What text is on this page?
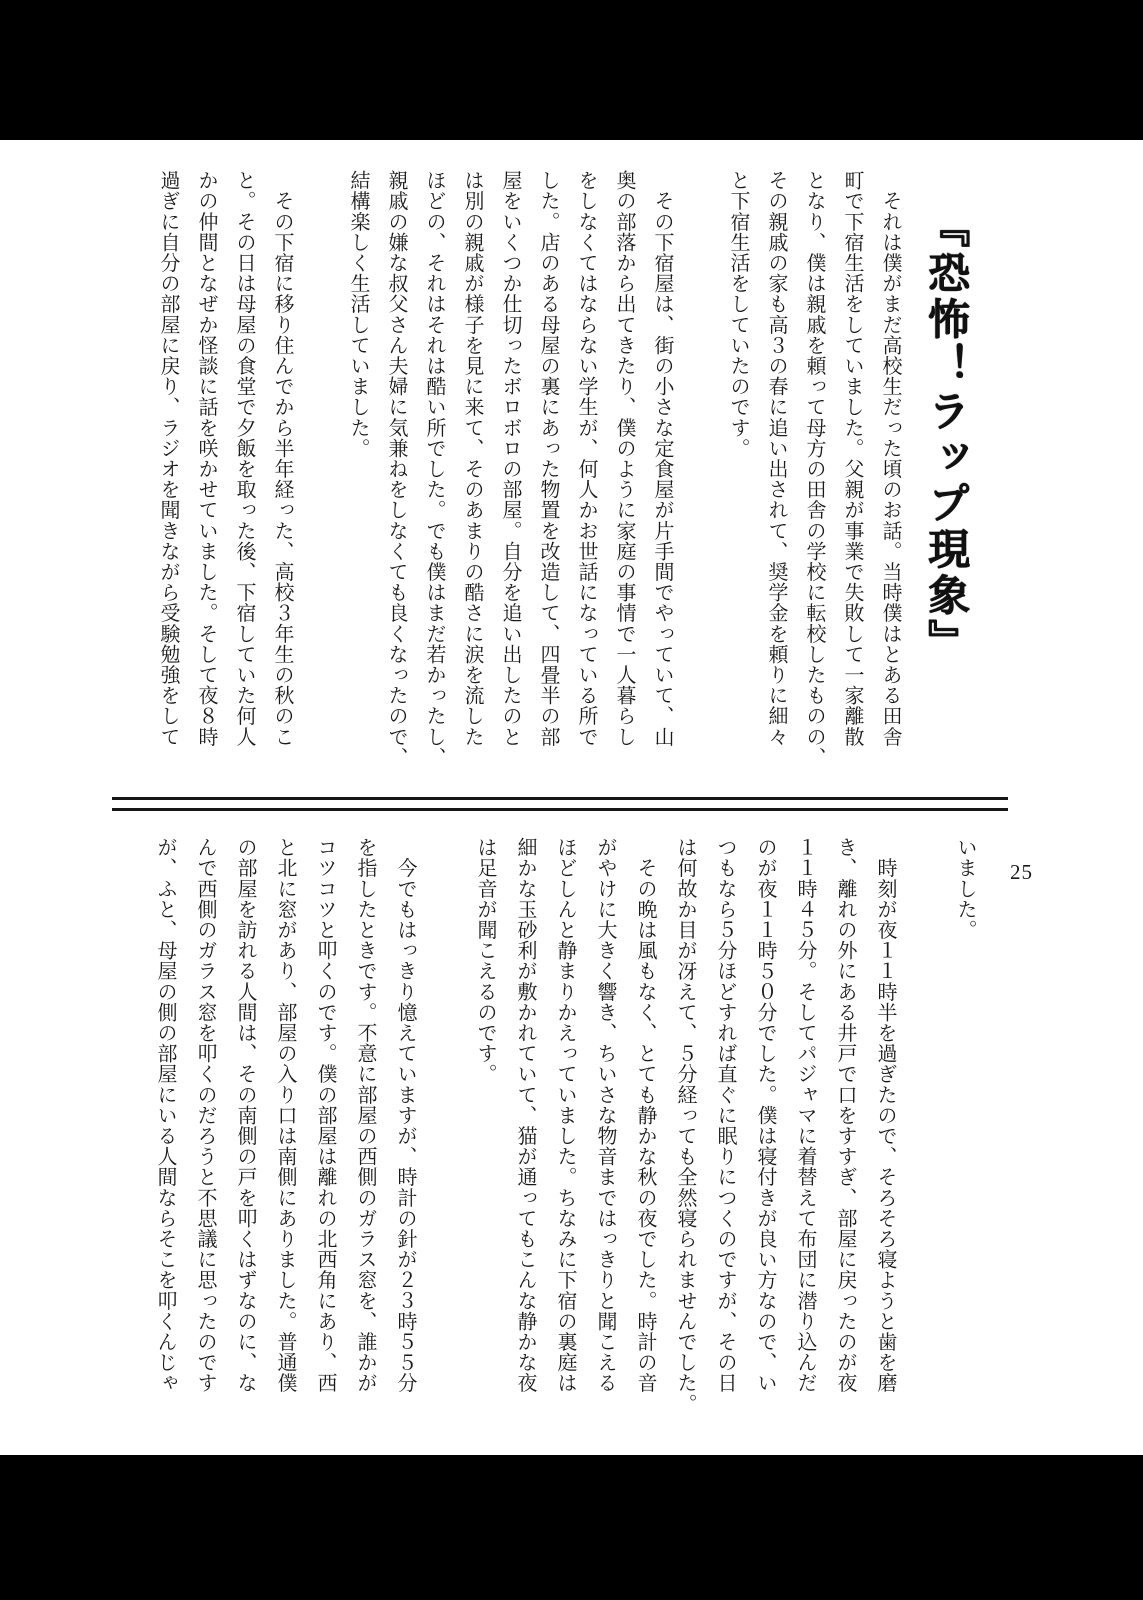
『恐怖！ラップ現象』
　それは僕がまだ高校生だった頃のお話。当時僕はとある田舎
町で下宿生活をしていました。父親が事業で失敗して一家離散
となり、僕は親戚を頼って母方の田舎の学校に転校したものの、
その親戚の家も高３の春に追い出されて、奨学金を頼りに細々
と下宿生活をしていたのです。
　その下宿屋は、街の小さな定食屋が片手間でやっていて、山
奥の部落から出てきたり、僕のように家庭の事情で一人暮らし
をしなくてはならない学生が、何人かお世話になっている所で
した。店のある母屋の裏にあった物置を改造して、四畳半の部
屋をいくつか仕切ったボロボロの部屋。自分を追い出したのと
は別の親戚が様子を見に来て、そのあまりの酷さに涙を流した
ほどの、それはそれは酷い所でした。でも僕はまだ若かったし、
親戚の嫌な叔父さん夫婦に気兼ねをしなくても良くなったので、
結構楽しく生活していました。
　その下宿に移り住んでから半年経った、高校３年生の秋のこ
と。その日は母屋の食堂で夕飯を取った後、下宿していた何人
かの仲間となぜか怪談に話を咲かせていました。そして夜８時
過ぎに自分の部屋に戻り、ラジオを聞きながら受験勉強をして
25
いました。
　時刻が夜１１時半を過ぎたので、そろそろ寝ようと歯を磨
き、離れの外にある井戸で口をすすぎ、部屋に戻ったのが夜
１１時４５分。そしてパジャマに着替えて布団に潜り込んだ
のが夜１１時５０分でした。僕は寝付きが良い方なので、い
つもなら５分ほどすれば直ぐに眠りにつくのですが、その日
は何故か目が冴えて、５分経っても全然寝られませんでした。
　その晩は風もなく、とても静かな秋の夜でした。時計の音
がやけに大きく響き、ちいさな物音まではっきりと聞こえる
ほどしんと静まりかえっていました。ちなみに下宿の裏庭は
細かな玉砂利が敷かれていて、猫が通ってもこんな静かな夜
は足音が聞こえるのです。
　今でもはっきり憶えていますが、時計の針が２３時５５分
を指したときです。不意に部屋の西側のガラス窓を、誰かが
コツコツと叩くのです。僕の部屋は離れの北西角にあり、西
と北に窓があり、部屋の入り口は南側にありました。普通僕
の部屋を訪れる人間は、その南側の戸を叩くはずなのに、な
んで西側のガラス窓を叩くのだろうと不思議に思ったのです
が、ふと、母屋の側の部屋にいる人間ならそこを叩くんじゃ
